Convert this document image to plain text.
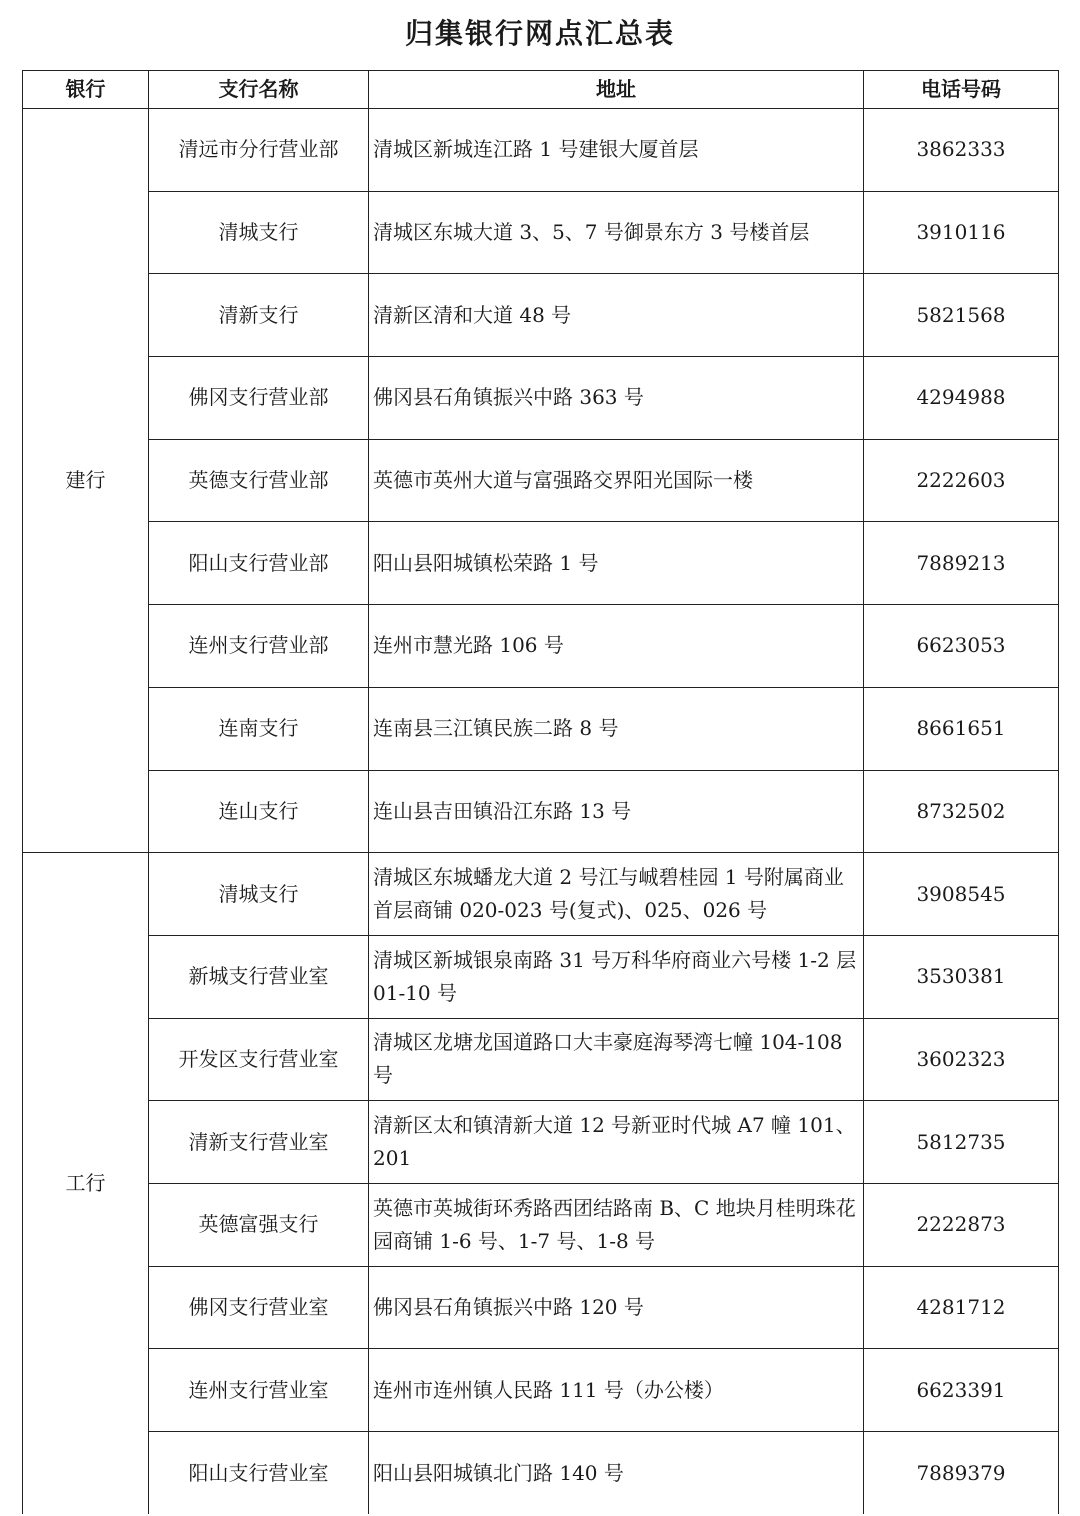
归集银行网点汇总表
银行	支行名称	地址	电话号码
建行	清远市分行营业部	清城区新城连江路 1 号建银大厦首层	3862333
	清城支行	清城区东城大道 3、5、7 号御景东方 3 号楼首层	3910116
	清新支行	清新区清和大道 48 号	5821568
	佛冈支行营业部	佛冈县石角镇振兴中路 363 号	4294988
	英德支行营业部	英德市英州大道与富强路交界阳光国际一楼	2222603
	阳山支行营业部	阳山县阳城镇松荣路 1 号	7889213
	连州支行营业部	连州市慧光路 106 号	6623053
	连南支行	连南县三江镇民族二路 8 号	8661651
	连山支行	连山县吉田镇沿江东路 13 号	8732502
工行	清城支行	清城区东城蟠龙大道 2 号江与峸碧桂园 1 号附属商业首层商铺 020-023 号(复式)、025、026 号	3908545
	新城支行营业室	清城区新城银泉南路 31 号万科华府商业六号楼 1-2 层 01-10 号	3530381
	开发区支行营业室	清城区龙塘龙国道路口大丰豪庭海琴湾七幢 104-108 号	3602323
	清新支行营业室	清新区太和镇清新大道 12 号新亚时代城 A7 幢 101、201	5812735
	英德富强支行	英德市英城街环秀路西团结路南 B、C 地块月桂明珠花园商铺 1-6 号、1-7 号、1-8 号	2222873
	佛冈支行营业室	佛冈县石角镇振兴中路 120 号	4281712
	连州支行营业室	连州市连州镇人民路 111 号（办公楼）	6623391
	阳山支行营业室	阳山县阳城镇北门路 140 号	7889379
